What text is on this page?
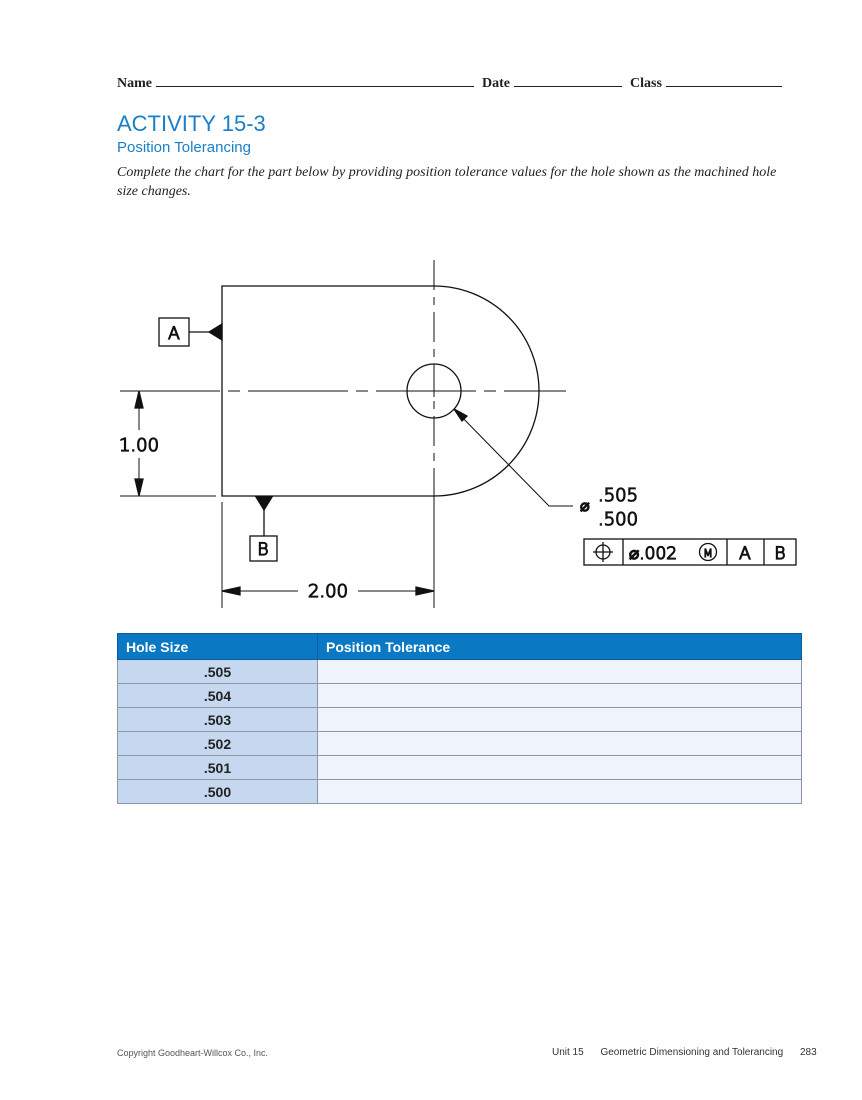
Name	Date	Class
ACTIVITY 15-3
Position Tolerancing
Complete the chart for the part below by providing position tolerance values for the hole shown as the machined hole size changes.
A
B
1.00
2.00
⌀ .505
.500
⌀.002 M A B
Hole Size	Position Tolerance
.505	
.504	
.503	
.502	
.501	
.500	
Copyright Goodheart-Willcox Co., Inc.	Unit 15 Geometric Dimensioning and Tolerancing 283
